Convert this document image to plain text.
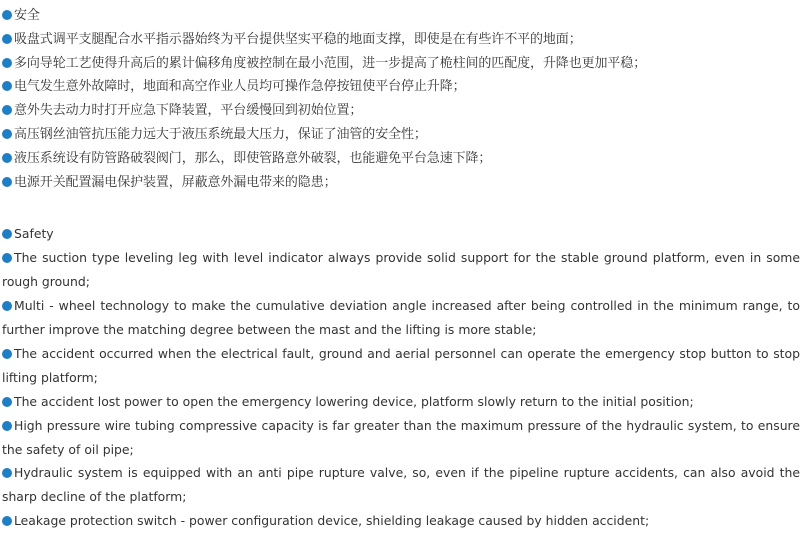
安全
吸盘式调平支腿配合水平指示器始终为平台提供坚实平稳的地面支撑，即使是在有些许不平的地面；
多向导轮工艺使得升高后的累计偏移角度被控制在最小范围，进一步提高了桅柱间的匹配度，升降也更加平稳；
电气发生意外故障时，地面和高空作业人员均可操作急停按钮使平台停止升降；
意外失去动力时打开应急下降装置，平台缓慢回到初始位置；
高压钢丝油管抗压能力远大于液压系统最大压力，保证了油管的安全性；
液压系统设有防管路破裂阀门，那么，即使管路意外破裂，也能避免平台急速下降；
电源开关配置漏电保护装置，屏蔽意外漏电带来的隐患；
Safety
The suction type leveling leg with level indicator always provide solid support for the stable ground platform, even in some rough ground;
Multi - wheel technology to make the cumulative deviation angle increased after being controlled in the minimum range, to further improve the matching degree between the mast and the lifting is more stable;
The accident occurred when the electrical fault, ground and aerial personnel can operate the emergency stop button to stop lifting platform;
The accident lost power to open the emergency lowering device, platform slowly return to the initial position;
High pressure wire tubing compressive capacity is far greater than the maximum pressure of the hydraulic system, to ensure the safety of oil pipe;
Hydraulic system is equipped with an anti pipe rupture valve, so, even if the pipeline rupture accidents, can also avoid the sharp decline of the platform;
Leakage protection switch - power configuration device, shielding leakage caused by hidden accident;
